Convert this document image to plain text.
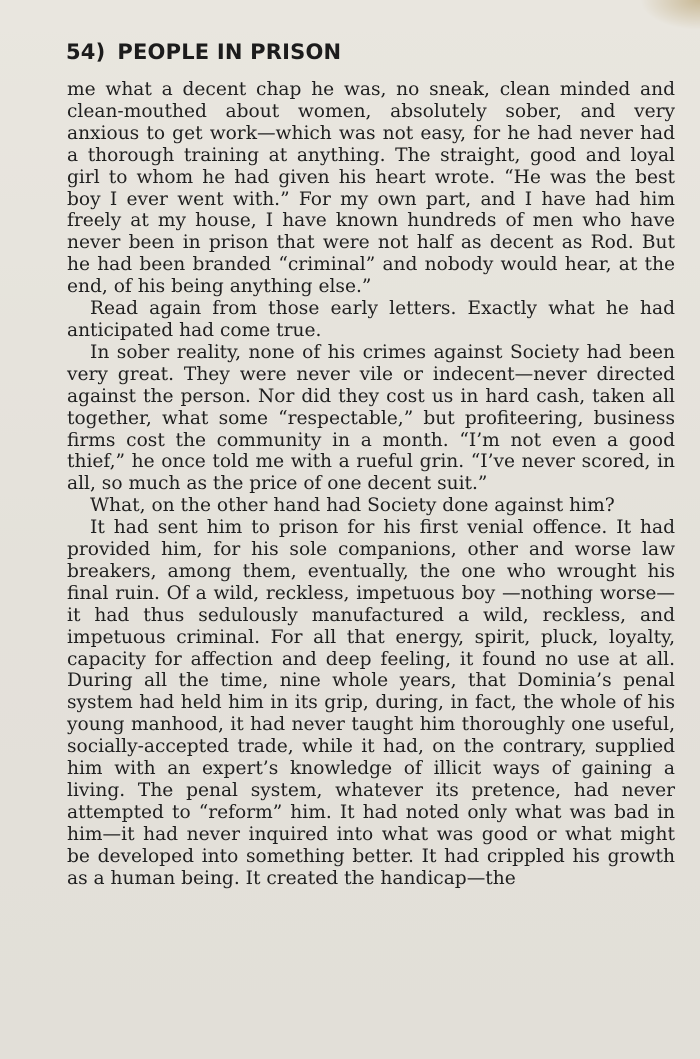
54) PEOPLE IN PRISON

me what a decent chap he was, no sneak, clean minded and clean-mouthed about women, absolutely sober, and very anxious to get work—which was not easy, for he had never had a thorough training at anything. The straight, good and loyal girl to whom he had given his heart wrote. “He was the best boy I ever went with.” For my own part, and I have had him freely at my house, I have known hundreds of men who have never been in prison that were not half as decent as Rod. But he had been branded “criminal” and nobody would hear, at the end, of his being anything else.”

Read again from those early letters. Exactly what he had anticipated had come true.

In sober reality, none of his crimes against Society had been very great. They were never vile or indecent—never directed against the person. Nor did they cost us in hard cash, taken all together, what some “respectable,” but profiteering, business firms cost the community in a month. “I’m not even a good thief,” he once told me with a rueful grin. “I’ve never scored, in all, so much as the price of one decent suit.”

What, on the other hand had Society done against him?

It had sent him to prison for his first venial offence. It had provided him, for his sole companions, other and worse law breakers, among them, eventually, the one who wrought his final ruin. Of a wild, reckless, impetuous boy —nothing worse—it had thus sedulously manufactured a wild, reckless, and impetuous criminal. For all that energy, spirit, pluck, loyalty, capacity for affection and deep feeling, it found no use at all. During all the time, nine whole years, that Dominia’s penal system had held him in its grip, during, in fact, the whole of his young manhood, it had never taught him thoroughly one useful, socially-accepted trade, while it had, on the contrary, supplied him with an expert’s knowledge of illicit ways of gaining a living. The penal system, whatever its pretence, had never attempted to “reform” him. It had noted only what was bad in him—it had never inquired into what was good or what might be developed into something better. It had crippled his growth as a human being. It created the handicap—the
